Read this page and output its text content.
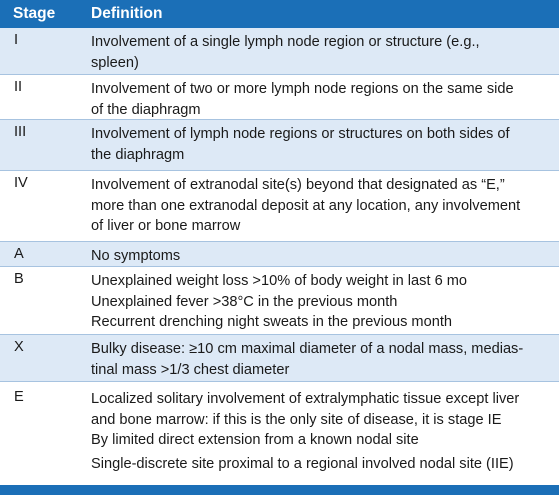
Stage Definition
I	Involvement of a single lymph node region or structure (e.g.,
spleen)
II	Involvement of two or more lymph node regions on the same side
of the diaphragm
III	Involvement of lymph node regions or structures on both sides of
the diaphragm
IV	Involvement of extranodal site(s) beyond that designated as “E,”
more than one extranodal deposit at any location, any involvement
of liver or bone marrow
A	No symptoms
B	Unexplained weight loss >10% of body weight in last 6 mo
Unexplained fever >38°C in the previous month
Recurrent drenching night sweats in the previous month
X	Bulky disease: ≥10 cm maximal diameter of a nodal mass, medias-
tinal mass >1/3 chest diameter
E	Localized solitary involvement of extralymphatic tissue except liver
and bone marrow: if this is the only site of disease, it is stage IE
By limited direct extension from a known nodal site
Single-discrete site proximal to a regional involved nodal site (IIE)
